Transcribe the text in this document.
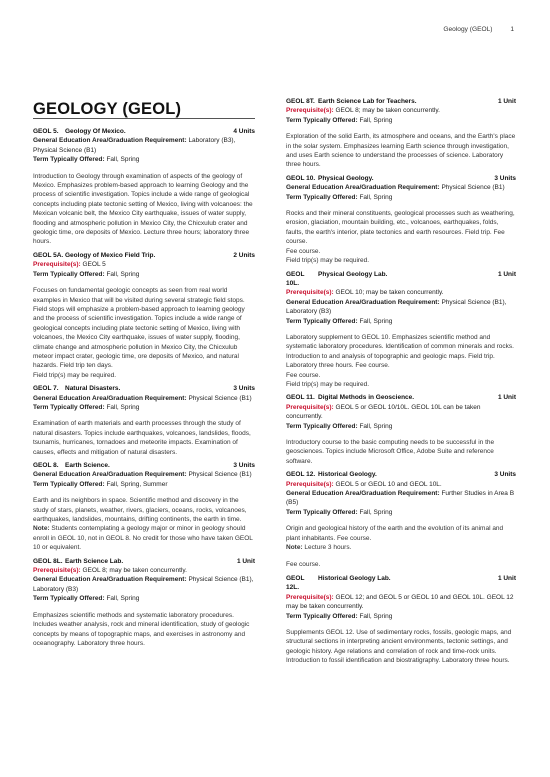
Geology (GEOL)	1
GEOLOGY (GEOL)
GEOL 5. Geology Of Mexico.	4 Units
General Education Area/Graduation Requirement: Laboratory (B3), Physical Science (B1)
Term Typically Offered: Fall, Spring
Introduction to Geology through examination of aspects of the geology of Mexico. Emphasizes problem-based approach to learning Geology and the process of scientific investigation. Topics include a wide range of geological concepts including plate tectonic setting of Mexico, living with volcanoes: the Mexican volcanic belt, the Mexico City earthquake, issues of water supply, flooding and atmospheric pollution in Mexico City, the Chicxulub crater and geologic time, ore deposits of Mexico. Lecture three hours; laboratory three hours.
GEOL 5A. Geology of Mexico Field Trip.	2 Units
Prerequisite(s): GEOL 5
Term Typically Offered: Fall, Spring
Focuses on fundamental geologic concepts as seen from real world examples in Mexico that will be visited during several strategic field stops. Field stops will emphasize a problem-based approach to learning geology and the process of scientific investigation. Topics include a wide range of geological concepts including plate tectonic setting of Mexico, living with volcanoes, the Mexico City earthquake, issues of water supply, flooding, climate change and atmospheric pollution in Mexico City, the Chicxulub meteor impact crater, geologic time, ore deposits of Mexico, and natural hazards. Field trip ten days.
Field trip(s) may be required.
GEOL 7. Natural Disasters.	3 Units
General Education Area/Graduation Requirement: Physical Science (B1)
Term Typically Offered: Fall, Spring
Examination of earth materials and earth processes through the study of natural disasters. Topics include earthquakes, volcanoes, landslides, floods, tsunamis, hurricanes, tornadoes and meteorite impacts. Examination of causes, effects and mitigation of natural disasters.
GEOL 8. Earth Science.	3 Units
General Education Area/Graduation Requirement: Physical Science (B1)
Term Typically Offered: Fall, Spring, Summer
Earth and its neighbors in space. Scientific method and discovery in the study of stars, planets, weather, rivers, glaciers, oceans, rocks, volcanoes, earthquakes, landslides, mountains, drifting continents, the earth in time.
Note: Students contemplating a geology major or minor in geology should enroll in GEOL 10, not in GEOL 8. No credit for those who have taken GEOL 10 or equivalent.
GEOL 8L. Earth Science Lab.	1 Unit
Prerequisite(s): GEOL 8; may be taken concurrently.
General Education Area/Graduation Requirement: Physical Science (B1), Laboratory (B3)
Term Typically Offered: Fall, Spring
Emphasizes scientific methods and systematic laboratory procedures. Includes weather analysis, rock and mineral identification, study of geologic concepts by means of topographic maps, and exercises in astronomy and oceanography. Laboratory three hours.
GEOL 8T. Earth Science Lab for Teachers.	1 Unit
Prerequisite(s): GEOL 8; may be taken concurrently.
Term Typically Offered: Fall, Spring
Exploration of the solid Earth, its atmosphere and oceans, and the Earth's place in the solar system. Emphasizes learning Earth science through investigation, and uses Earth science to understand the processes of science. Laboratory three hours.
GEOL 10. Physical Geology.	3 Units
General Education Area/Graduation Requirement: Physical Science (B1)
Term Typically Offered: Fall, Spring
Rocks and their mineral constituents, geological processes such as weathering, erosion, glaciation, mountain building, etc., volcanoes, earthquakes, folds, faults, the earth's interior, plate tectonics and earth resources. Field trip. Fee course.
Fee course.
Field trip(s) may be required.
GEOL 10L.
Physical Geology Lab.	1 Unit
Prerequisite(s): GEOL 10; may be taken concurrently.
General Education Area/Graduation Requirement: Physical Science (B1), Laboratory (B3)
Term Typically Offered: Fall, Spring
Laboratory supplement to GEOL 10. Emphasizes scientific method and systematic laboratory procedures. Identification of common minerals and rocks. Introduction to and analysis of topographic and geologic maps. Field trip. Laboratory three hours. Fee course.
Fee course.
Field trip(s) may be required.
GEOL 11. Digital Methods in Geoscience.	1 Unit
Prerequisite(s): GEOL 5 or GEOL 10/10L. GEOL 10L can be taken concurrently.
Term Typically Offered: Fall, Spring
Introductory course to the basic computing needs to be successful in the geosciences. Topics include Microsoft Office, Adobe Suite and reference software.
GEOL 12. Historical Geology.	3 Units
Prerequisite(s): GEOL 5 or GEOL 10 and GEOL 10L.
General Education Area/Graduation Requirement: Further Studies in Area B (B5)
Term Typically Offered: Fall, Spring
Origin and geological history of the earth and the evolution of its animal and plant inhabitants. Fee course.
Note: Lecture 3 hours.
Fee course.
GEOL 12L.
Historical Geology Lab.	1 Unit
Prerequisite(s): GEOL 12; and GEOL 5 or GEOL 10 and GEOL 10L. GEOL 12 may be taken concurrently.
Term Typically Offered: Fall, Spring
Supplements GEOL 12. Use of sedimentary rocks, fossils, geologic maps, and structural sections in interpreting ancient environments, tectonic settings, and geologic history. Age relations and correlation of rock and time-rock units. Introduction to fossil identification and biostratigraphy. Laboratory three hours.
